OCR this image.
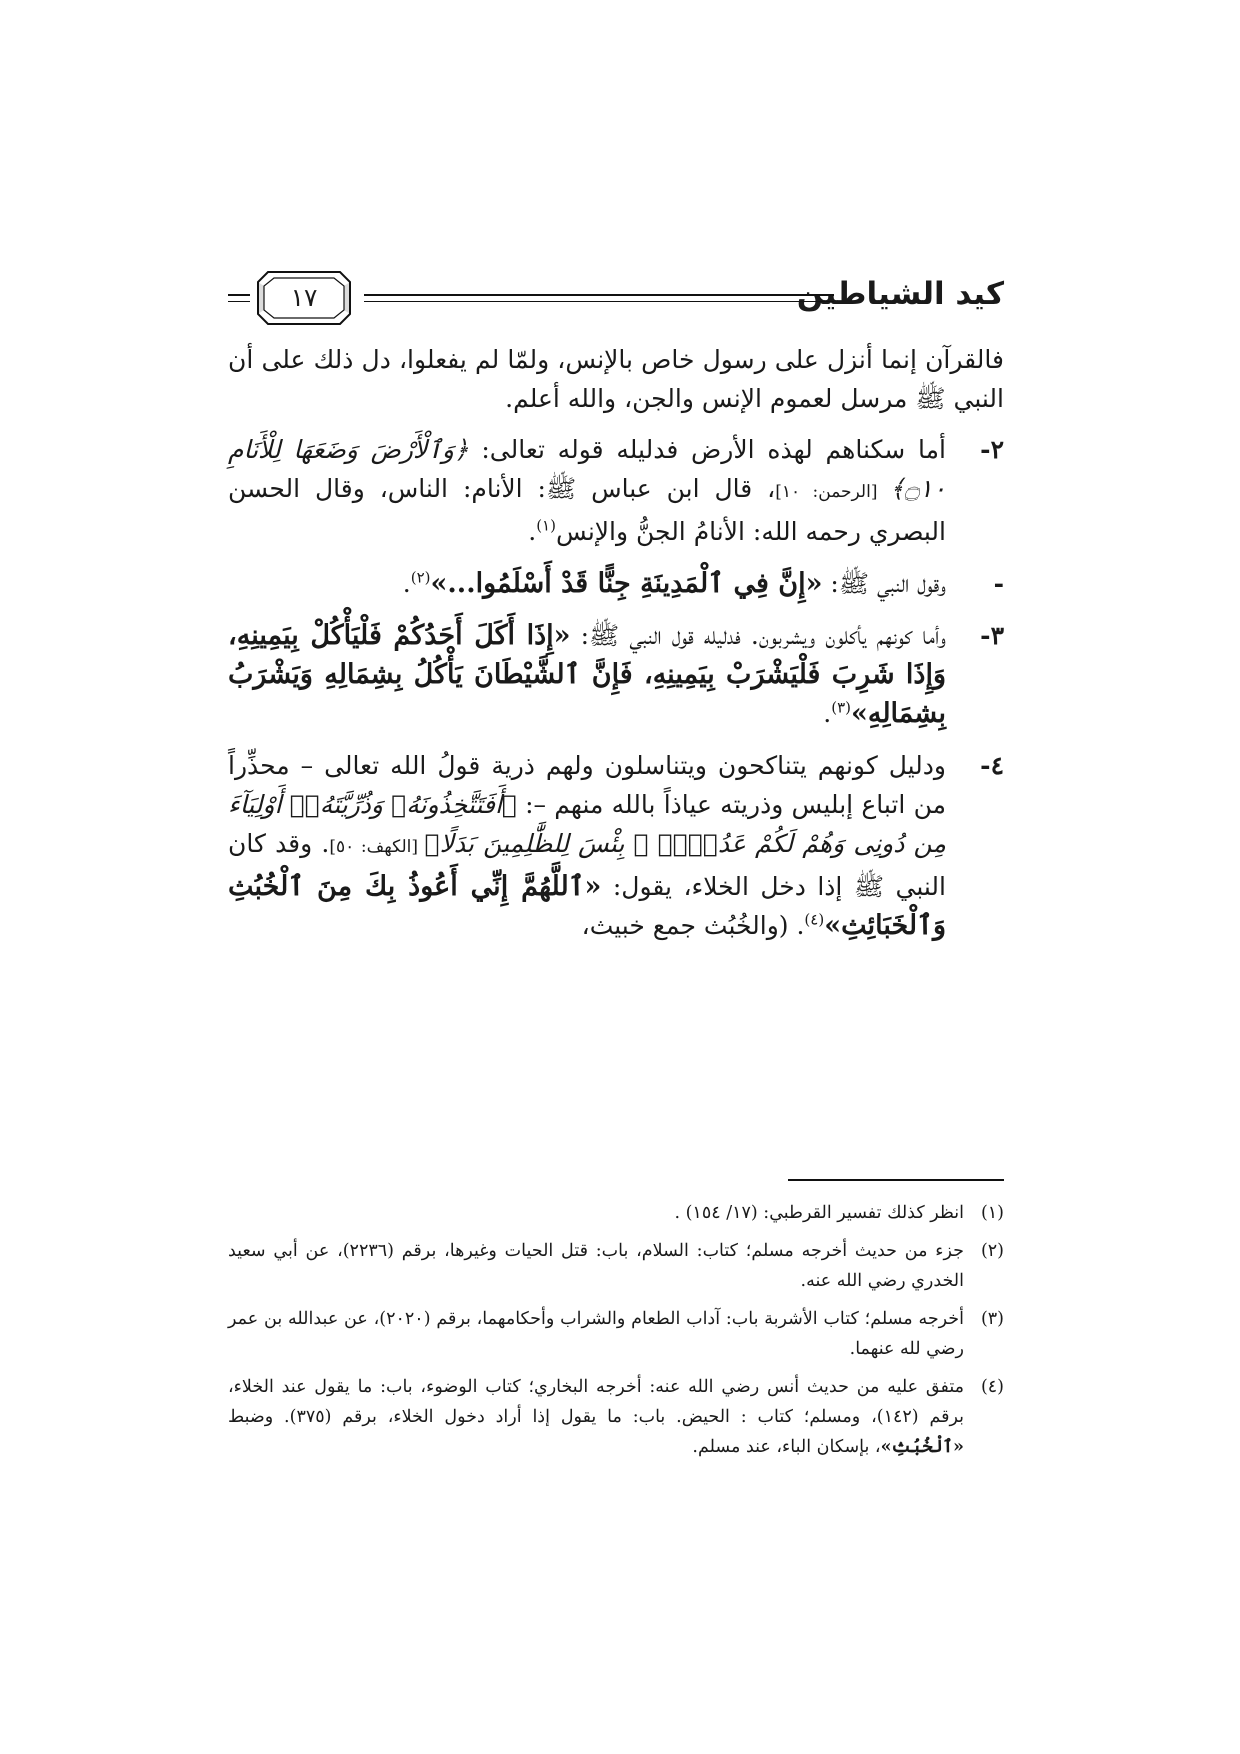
كيد الشياطين
١٧

فالقرآن إنما أنزل على رسول خاص بالإنس، ولمّا لم يفعلوا، دل ذلك على أن النبي ﷺ مرسل لعموم الإنس والجن، والله أعلم.

٢-
أما سكناهم لهذه الأرض فدليله قوله تعالى: ﴿وَٱلْأَرْضَ وَضَعَهَا لِلْأَنَامِ ۝١٠﴾ [الرحمن: ١٠]، قال ابن عباس ﷺ: الأنام: الناس، وقال الحسن البصري رحمه الله: الأنامُ الجنُّ والإنس$^{(١)}$.
-
وقول النبي ﷺ: «إِنَّ فِي ٱلْمَدِينَةِ جِنًّا قَدْ أَسْلَمُوا...»$^{(٢)}$.
٣-
وأما كونهم يأكلون ويشربون. فدليله قول النبي ﷺ: «إِذَا أَكَلَ أَحَدُكُمْ فَلْيَأْكُلْ بِيَمِينِهِ، وَإِذَا شَرِبَ فَلْيَشْرَبْ بِيَمِينِهِ، فَإِنَّ ٱلشَّيْطَانَ يَأْكُلُ بِشِمَالِهِ وَيَشْرَبُ بِشِمَالِهِ»$^{(٣)}$.
٤-
ودليل كونهم يتناكحون ويتناسلون ولهم ذرية قولُ الله تعالى – محذِّراً من اتباع إبليس وذريته عياذاً بالله منهم –: ﴿أَفَتَتَّخِذُونَهُۥ وَذُرِّيَّتَهُۥٓ أَوْلِيَآءَ مِن دُونِى وَهُمْ لَكُمْ عَدُوٌّۢ ۚ بِئْسَ لِلظَّٰلِمِينَ بَدَلًا﴾ [الكهف: ٥٠]. وقد كان النبي ﷺ إذا دخل الخلاء، يقول: «ٱللَّهُمَّ إِنِّي أَعُوذُ بِكَ مِنَ ٱلْخُبُثِ وَٱلْخَبَائِثِ»$^{(٤)}$. (والخُبُث جمع خبيث،
(١)
انظر كذلك تفسير القرطبي: (١٧/ ١٥٤) .
(٢)
جزء من حديث أخرجه مسلم؛ كتاب: السلام، باب: قتل الحيات وغيرها، برقم (٢٢٣٦)، عن أبي سعيد الخدري رضي الله عنه.
(٣)
أخرجه مسلم؛ كتاب الأشربة باب: آداب الطعام والشراب وأحكامهما، برقم (٢٠٢٠)، عن عبدالله بن عمر رضي لله عنهما.
(٤)
متفق عليه من حديث أنس رضي الله عنه: أخرجه البخاري؛ كتاب الوضوء، باب: ما يقول عند الخلاء، برقم (١٤٢)، ومسلم؛ كتاب : الحيض. باب: ما يقول إذا أراد دخول الخلاء، برقم (٣٧٥). وضبط «ٱلْخُبُثِ»، بإسكان الباء، عند مسلم.
